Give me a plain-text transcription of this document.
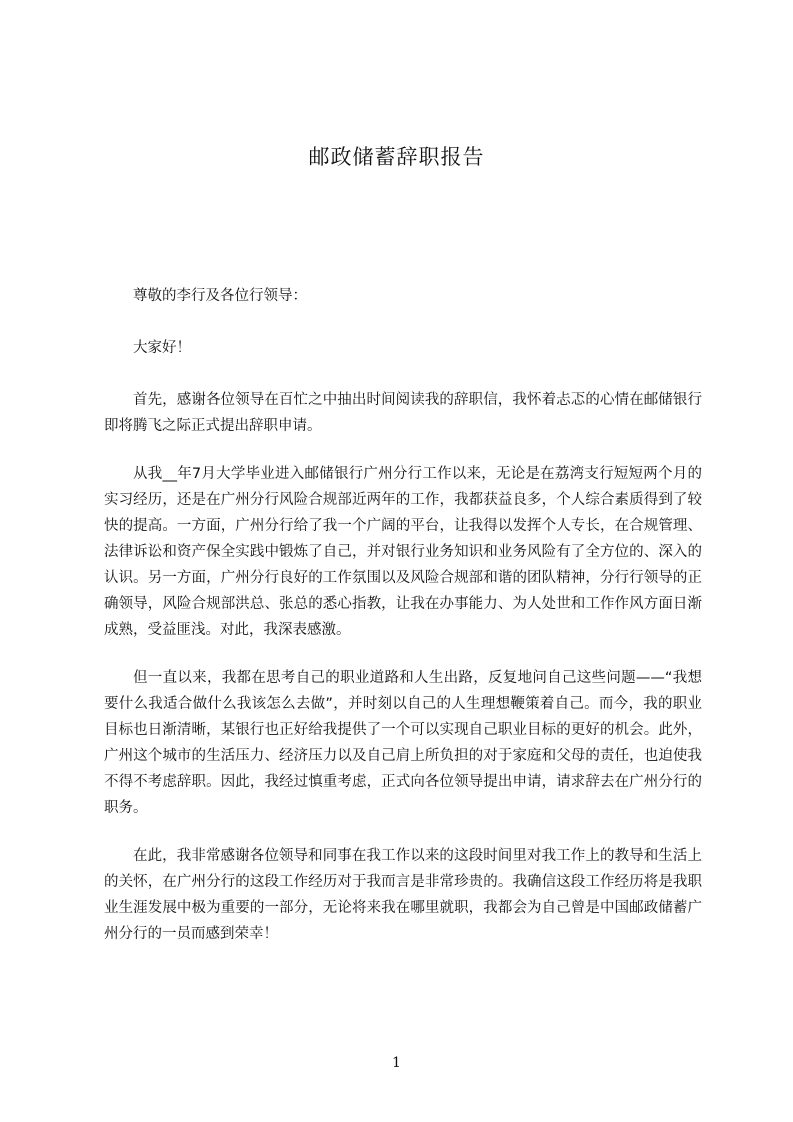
邮政储蓄辞职报告

尊敬的李行及各位行领导：

大家好！

首先，感谢各位领导在百忙之中抽出时间阅读我的辞职信，我怀着忐忑的心情在邮储银行即将腾飞之际正式提出辞职申请。

从我__年7月大学毕业进入邮储银行广州分行工作以来，无论是在荔湾支行短短两个月的实习经历，还是在广州分行风险合规部近两年的工作，我都获益良多，个人综合素质得到了较快的提高。一方面，广州分行给了我一个广阔的平台，让我得以发挥个人专长，在合规管理、法律诉讼和资产保全实践中锻炼了自己，并对银行业务知识和业务风险有了全方位的、深入的认识。另一方面，广州分行良好的工作氛围以及风险合规部和谐的团队精神，分行行领导的正确领导，风险合规部洪总、张总的悉心指教，让我在办事能力、为人处世和工作作风方面日渐成熟，受益匪浅。对此，我深表感激。

但一直以来，我都在思考自己的职业道路和人生出路，反复地问自己这些问题——“我想要什么我适合做什么我该怎么去做”，并时刻以自己的人生理想鞭策着自己。而今，我的职业目标也日渐清晰，某银行也正好给我提供了一个可以实现自己职业目标的更好的机会。此外，广州这个城市的生活压力、经济压力以及自己肩上所负担的对于家庭和父母的责任，也迫使我不得不考虑辞职。因此，我经过慎重考虑，正式向各位领导提出申请，请求辞去在广州分行的职务。

在此，我非常感谢各位领导和同事在我工作以来的这段时间里对我工作上的教导和生活上的关怀，在广州分行的这段工作经历对于我而言是非常珍贵的。我确信这段工作经历将是我职业生涯发展中极为重要的一部分，无论将来我在哪里就职，我都会为自己曾是中国邮政储蓄广州分行的一员而感到荣幸！

1
